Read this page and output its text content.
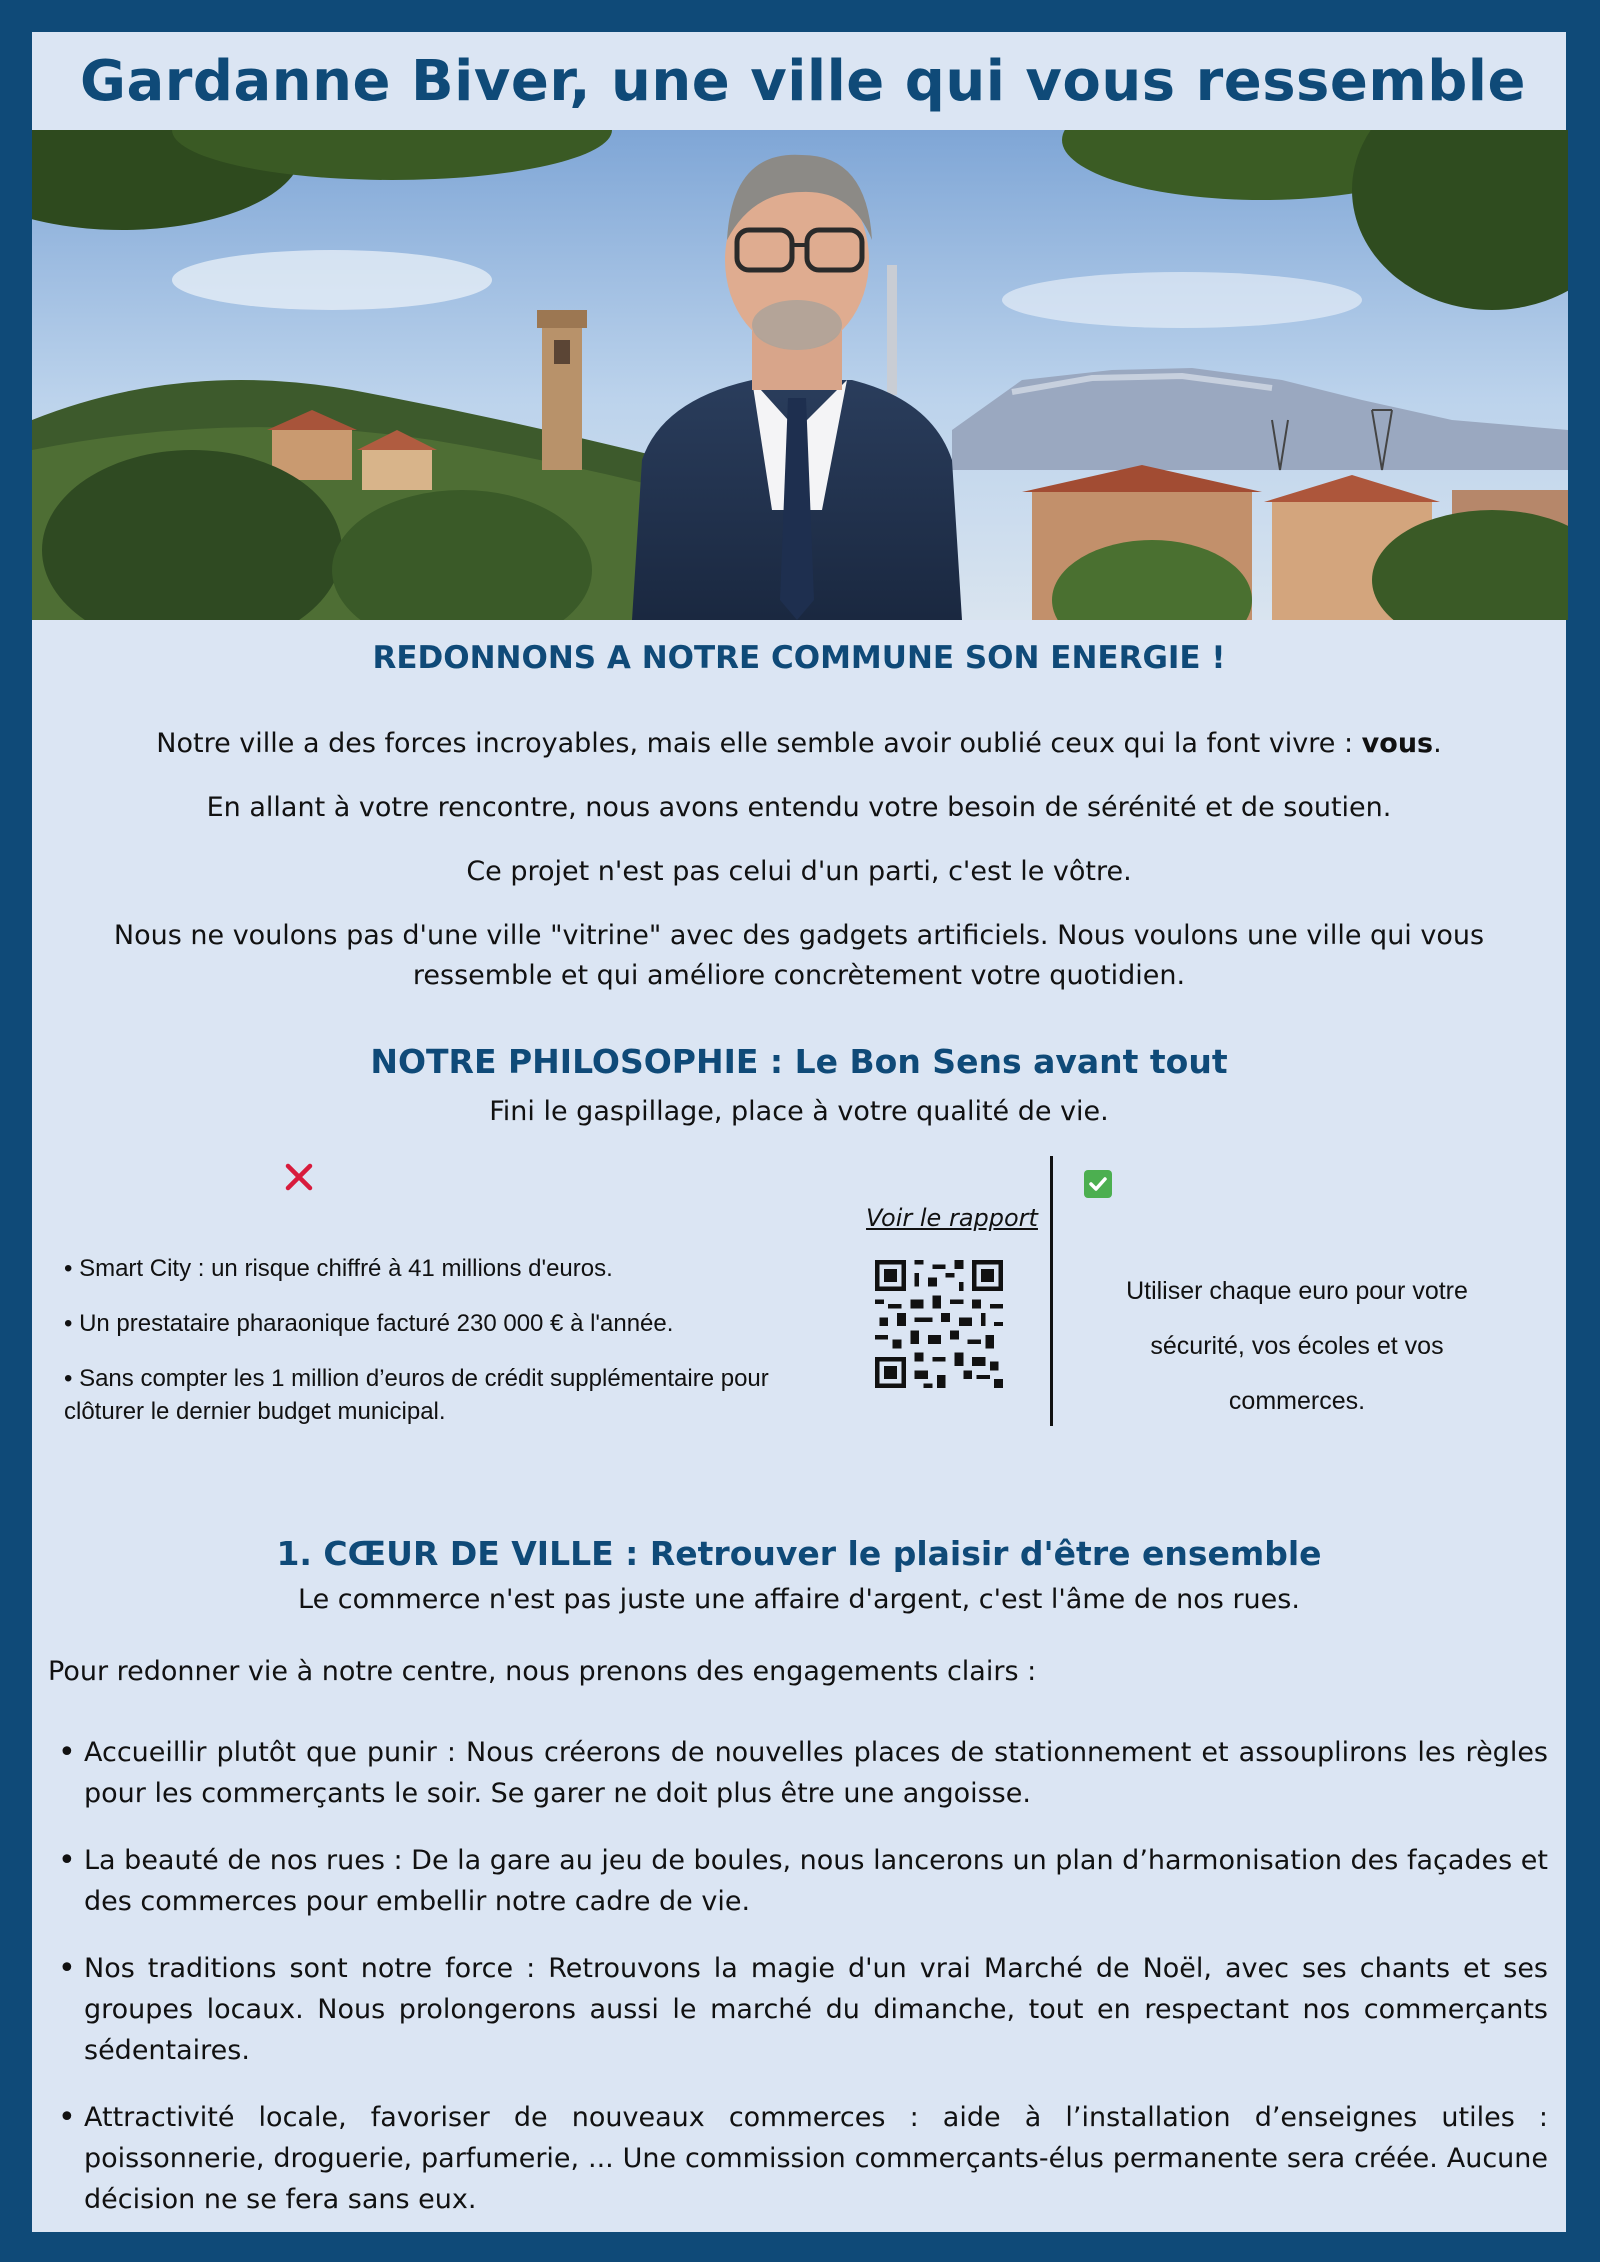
Gardanne Biver, une ville qui vous ressemble
REDONNONS A NOTRE COMMUNE SON ENERGIE !
Notre ville a des forces incroyables, mais elle semble avoir oublié ceux qui la font vivre : vous.
En allant à votre rencontre, nous avons entendu votre besoin de sérénité et de soutien.
Ce projet n'est pas celui d'un parti, c'est le vôtre.
Nous ne voulons pas d'une ville "vitrine" avec des gadgets artificiels. Nous voulons une ville qui vous ressemble et qui améliore concrètement votre quotidien.
NOTRE PHILOSOPHIE : Le Bon Sens avant tout
Fini le gaspillage, place à votre qualité de vie.
• Smart City : un risque chiffré à 41 millions d'euros.
• Un prestataire pharaonique facturé 230 000 € à l'année.
• Sans compter les 1 million d’euros de crédit supplémentaire pour clôturer le dernier budget municipal.
Voir le rapport
Utiliser chaque euro pour votre sécurité, vos écoles et vos commerces.
1. CŒUR DE VILLE : Retrouver le plaisir d'être ensemble
Le commerce n'est pas juste une affaire d'argent, c'est l'âme de nos rues.
Pour redonner vie à notre centre, nous prenons des engagements clairs :
• Accueillir plutôt que punir : Nous créerons de nouvelles places de stationnement et assouplirons les règles pour les commerçants le soir. Se garer ne doit plus être une angoisse.
• La beauté de nos rues : De la gare au jeu de boules, nous lancerons un plan d’harmonisation des façades et des commerces pour embellir notre cadre de vie.
• Nos traditions sont notre force : Retrouvons la magie d'un vrai Marché de Noël, avec ses chants et ses groupes locaux. Nous prolongerons aussi le marché du dimanche, tout en respectant nos commerçants sédentaires.
• Attractivité locale, favoriser de nouveaux commerces : aide à l’installation d’enseignes utiles : poissonnerie, droguerie, parfumerie, ... Une commission commerçants-élus permanente sera créée. Aucune décision ne se fera sans eux.
